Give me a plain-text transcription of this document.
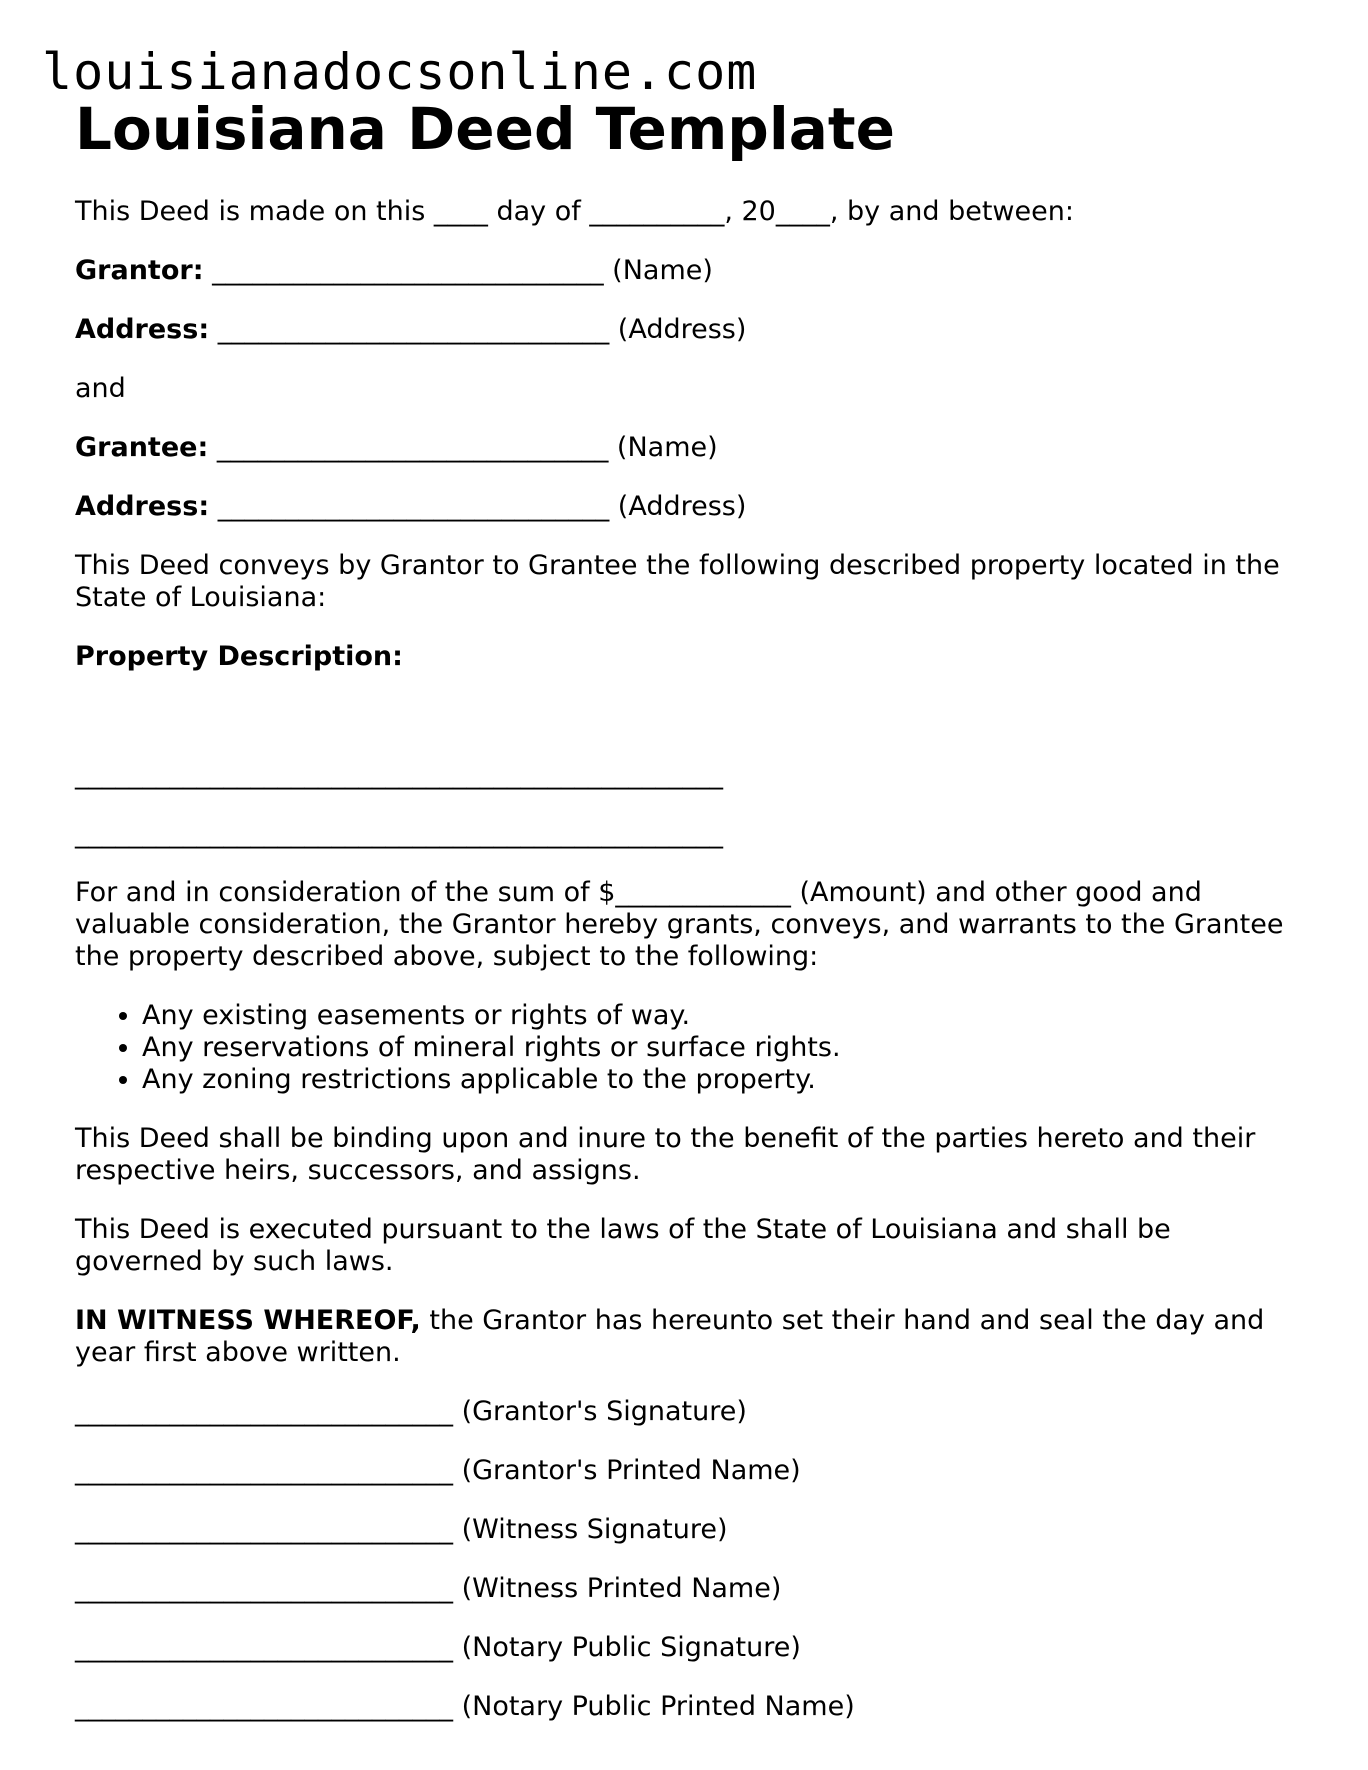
louisianadocsonline.com
Louisiana Deed Template

This Deed is made on this ____ day of __________, 20____, by and between:

Grantor: _____________________________ (Name)

Address: _____________________________ (Address)

and

Grantee: _____________________________ (Name)

Address: _____________________________ (Address)

This Deed conveys by Grantor to Grantee the following described property located in the State of Louisiana:

Property Description:

________________________________________________

________________________________________________

For and in consideration of the sum of $_____________ (Amount) and other good and valuable consideration, the Grantor hereby grants, conveys, and warrants to the Grantee the property described above, subject to the following:

• Any existing easements or rights of way.
• Any reservations of mineral rights or surface rights.
• Any zoning restrictions applicable to the property.

This Deed shall be binding upon and inure to the benefit of the parties hereto and their respective heirs, successors, and assigns.

This Deed is executed pursuant to the laws of the State of Louisiana and shall be governed by such laws.

IN WITNESS WHEREOF, the Grantor has hereunto set their hand and seal the day and year first above written.

____________________________ (Grantor's Signature)

____________________________ (Grantor's Printed Name)

____________________________ (Witness Signature)

____________________________ (Witness Printed Name)

____________________________ (Notary Public Signature)

____________________________ (Notary Public Printed Name)
